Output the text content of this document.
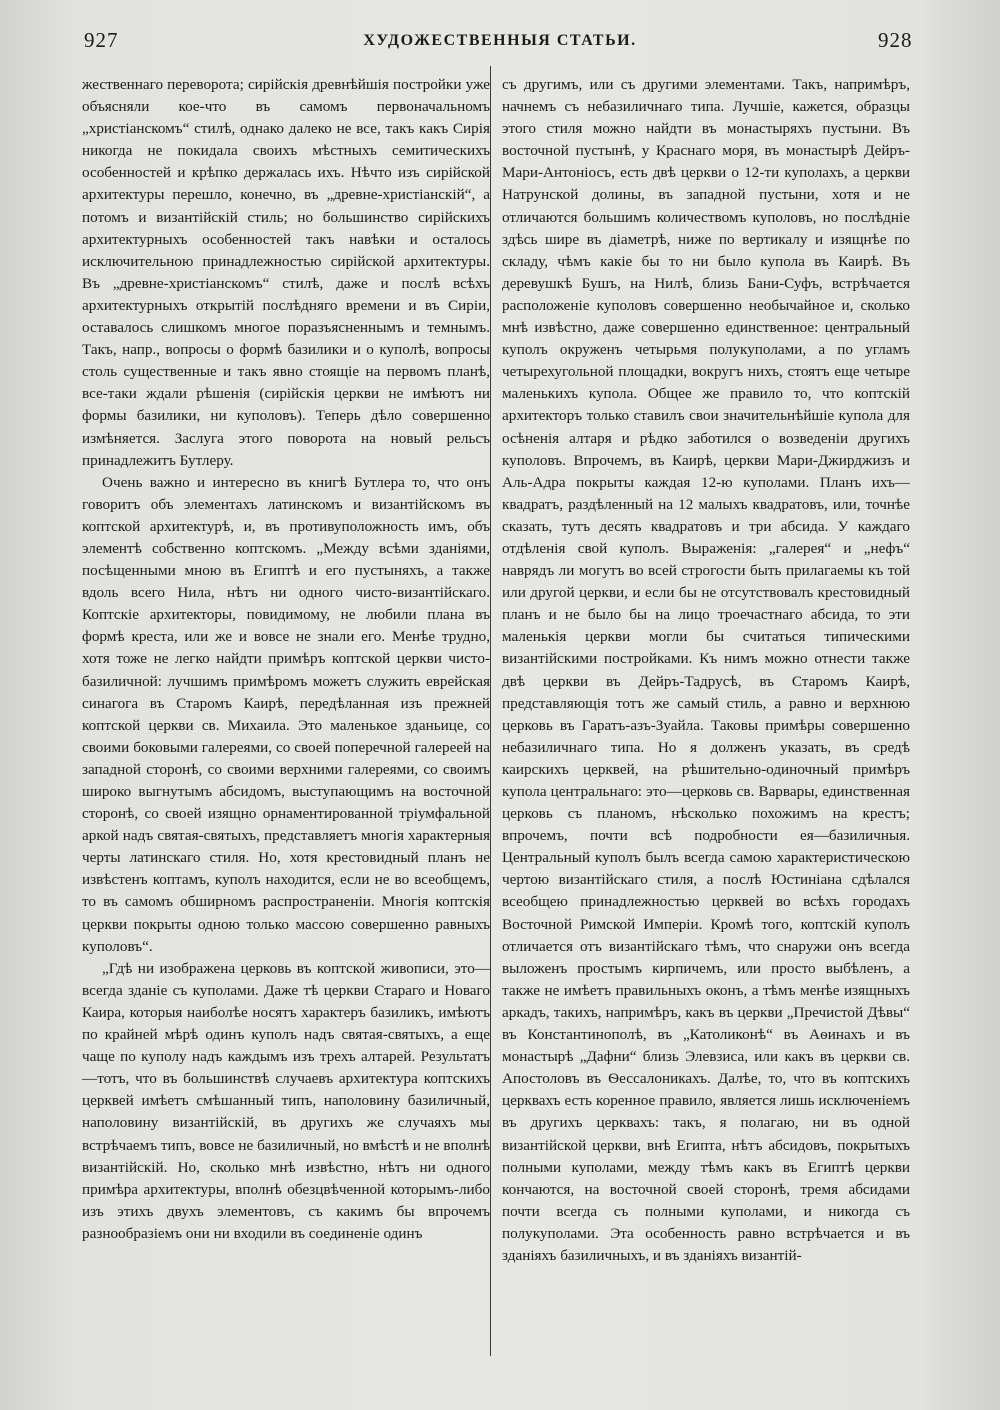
927	ХУДОЖЕСТВЕННЫЯ СТАТЬИ.	928

жественнаго переворота; сирійскія древнѣйшія постройки уже объясняли кое-что въ самомъ первоначальномъ „христіанскомъ“ стилѣ, однако далеко не все, такъ какъ Сирія никогда не покидала своихъ мѣстныхъ семитическихъ особенностей и крѣпко держалась ихъ. Нѣчто изъ сирійской архитектуры перешло, конечно, въ „древне-христіанскій“, а потомъ и византійскій стиль; но большинство сирійскихъ архитектурныхъ особенностей такъ навѣки и осталось исключительною принадлежностью сирійской архитектуры. Въ „древне-христіанскомъ“ стилѣ, даже и послѣ всѣхъ архитектурныхъ открытій послѣдняго времени и въ Сиріи, оставалось слишкомъ многое поразъясненнымъ и темнымъ. Такъ, напр., вопросы о формѣ базилики и о куполѣ, вопросы столь существенные и такъ явно стоящіе на первомъ планѣ, все-таки ждали рѣшенія (сирійскія церкви не имѣютъ ни формы базилики, ни куполовъ). Теперь дѣло совершенно измѣняется. Заслуга этого поворота на новый рельсъ принадлежитъ Бутлеру.

Очень важно и интересно въ книгѣ Бутлера то, что онъ говоритъ объ элементахъ латинскомъ и византійскомъ въ коптской архитектурѣ, и, въ противуположность имъ, объ элементѣ собственно коптскомъ. „Между всѣми зданіями, посѣщенными мною въ Египтѣ и его пустыняхъ, а также вдоль всего Нила, нѣтъ ни одного чисто-византійскаго. Коптскіе архитекторы, повидимому, не любили плана въ формѣ креста, или же и вовсе не знали его. Менѣе трудно, хотя тоже не легко найдти примѣръ коптской церкви чисто-базиличной: лучшимъ примѣромъ можетъ служить еврейская синагога въ Старомъ Каирѣ, передѣланная изъ прежней коптской церкви св. Михаила. Это маленькое зданьице, со своими боковыми галереями, со своей поперечной галереей на западной сторонѣ, со своими верхними галереями, со своимъ широко выгнутымъ абсидомъ, выступающимъ на восточной сторонѣ, со своей изящно орнаментированной тріумфальной аркой надъ святая-святыхъ, представляетъ многія характерныя черты латинскаго стиля. Но, хотя крестовидный планъ не извѣстенъ коптамъ, куполъ находится, если не во всеобщемъ, то въ самомъ обширномъ распространеніи. Многія коптскія церкви покрыты одною только массою совершенно равныхъ куполовъ“.

„Гдѣ ни изображена церковь въ коптской живописи, это—всегда зданіе съ куполами. Даже тѣ церкви Стараго и Новаго Каира, которыя наиболѣе носятъ характеръ базиликъ, имѣютъ по крайней мѣрѣ одинъ куполъ надъ святая-святыхъ, а еще чаще по куполу надъ каждымъ изъ трехъ алтарей. Результатъ—тотъ, что въ большинствѣ случаевъ архитектура коптскихъ церквей имѣетъ смѣшанный типъ, наполовину базиличный, наполовину византійскій, въ другихъ же случаяхъ мы встрѣчаемъ типъ, вовсе не базиличный, но вмѣстѣ и не вполнѣ византійскій. Но, сколько мнѣ извѣстно, нѣтъ ни одного примѣра архитектуры, вполнѣ обезцвѣченной которымъ-либо изъ этихъ двухъ элементовъ, съ какимъ бы впрочемъ разнообразіемъ они ни входили въ соединеніе одинъ

съ другимъ, или съ другими элементами. Такъ, напримѣръ, начнемъ съ небазиличнаго типа. Лучшіе, кажется, образцы этого стиля можно найдти въ монастыряхъ пустыни. Въ восточной пустынѣ, у Краснаго моря, въ монастырѣ Дейръ-Мари-Антоніосъ, есть двѣ церкви о 12-ти куполахъ, а церкви Натрунской долины, въ западной пустыни, хотя и не отличаются большимъ количествомъ куполовъ, но послѣдніе здѣсь шире въ діаметрѣ, ниже по вертикалу и изящнѣе по складу, чѣмъ какіе бы то ни было купола въ Каирѣ. Въ деревушкѣ Бушъ, на Нилѣ, близь Бани-Суфъ, встрѣчается расположеніе куполовъ совершенно необычайное и, сколько мнѣ извѣстно, даже совершенно единственное: центральный куполъ окруженъ четырьмя полукуполами, а по угламъ четырехугольной площадки, вокругъ нихъ, стоятъ еще четыре маленькихъ купола. Общее же правило то, что коптскій архитекторъ только ставилъ свои значительнѣйшіе купола для осѣненія алтаря и рѣдко заботился о возведеніи другихъ куполовъ. Впрочемъ, въ Каирѣ, церкви Мари-Джирджизъ и Аль-Адра покрыты каждая 12-ю куполами. Планъ ихъ—квадратъ, раздѣленный на 12 малыхъ квадратовъ, или, точнѣе сказать, тутъ десять квадратовъ и три абсида. У каждаго отдѣленія свой куполъ. Выраженія: „галерея“ и „нефъ“ наврядъ ли могутъ во всей строгости быть прилагаемы къ той или другой церкви, и если бы не отсутствовалъ крестовидный планъ и не было бы на лицо троечастнаго абсида, то эти маленькія церкви могли бы считаться типическими византійскими постройками. Къ нимъ можно отнести также двѣ церкви въ Дейръ-Тадрусѣ, въ Старомъ Каирѣ, представляющія тотъ же самый стиль, а равно и верхнюю церковь въ Гаратъ-азъ-Зуайла. Таковы примѣры совершенно небазиличнаго типа. Но я долженъ указать, въ средѣ каирскихъ церквей, на рѣшительно-одиночный примѣръ купола центральнаго: это—церковь св. Варвары, единственная церковь съ планомъ, нѣсколько похожимъ на крестъ; впрочемъ, почти всѣ подробности ея—базиличныя. Центральный куполъ былъ всегда самою характеристическою чертою византійскаго стиля, а послѣ Юстиніана сдѣлался всеобщею принадлежностью церквей во всѣхъ городахъ Восточной Римской Имперіи. Кромѣ того, коптскій куполъ отличается отъ византійскаго тѣмъ, что снаружи онъ всегда выложенъ простымъ кирпичемъ, или просто выбѣленъ, а также не имѣетъ правильныхъ оконъ, а тѣмъ менѣе изящныхъ аркадъ, такихъ, напримѣръ, какъ въ церкви „Пречистой Дѣвы“ въ Константинополѣ, въ „Католиконѣ“ въ Аѳинахъ и въ монастырѣ „Дафни“ близь Элевзиса, или какъ въ церкви св. Апостоловъ въ Ѳессалоникахъ. Далѣе, то, что въ коптскихъ церквахъ есть коренное правило, является лишь исключеніемъ въ другихъ церквахъ: такъ, я полагаю, ни въ одной византійской церкви, внѣ Египта, нѣтъ абсидовъ, покрытыхъ полными куполами, между тѣмъ какъ въ Египтѣ церкви кончаются, на восточной своей сторонѣ, тремя абсидами почти всегда съ полными куполами, и никогда съ полукуполами. Эта особенность равно встрѣчается и въ зданіяхъ базиличныхъ, и въ зданіяхъ византій-
